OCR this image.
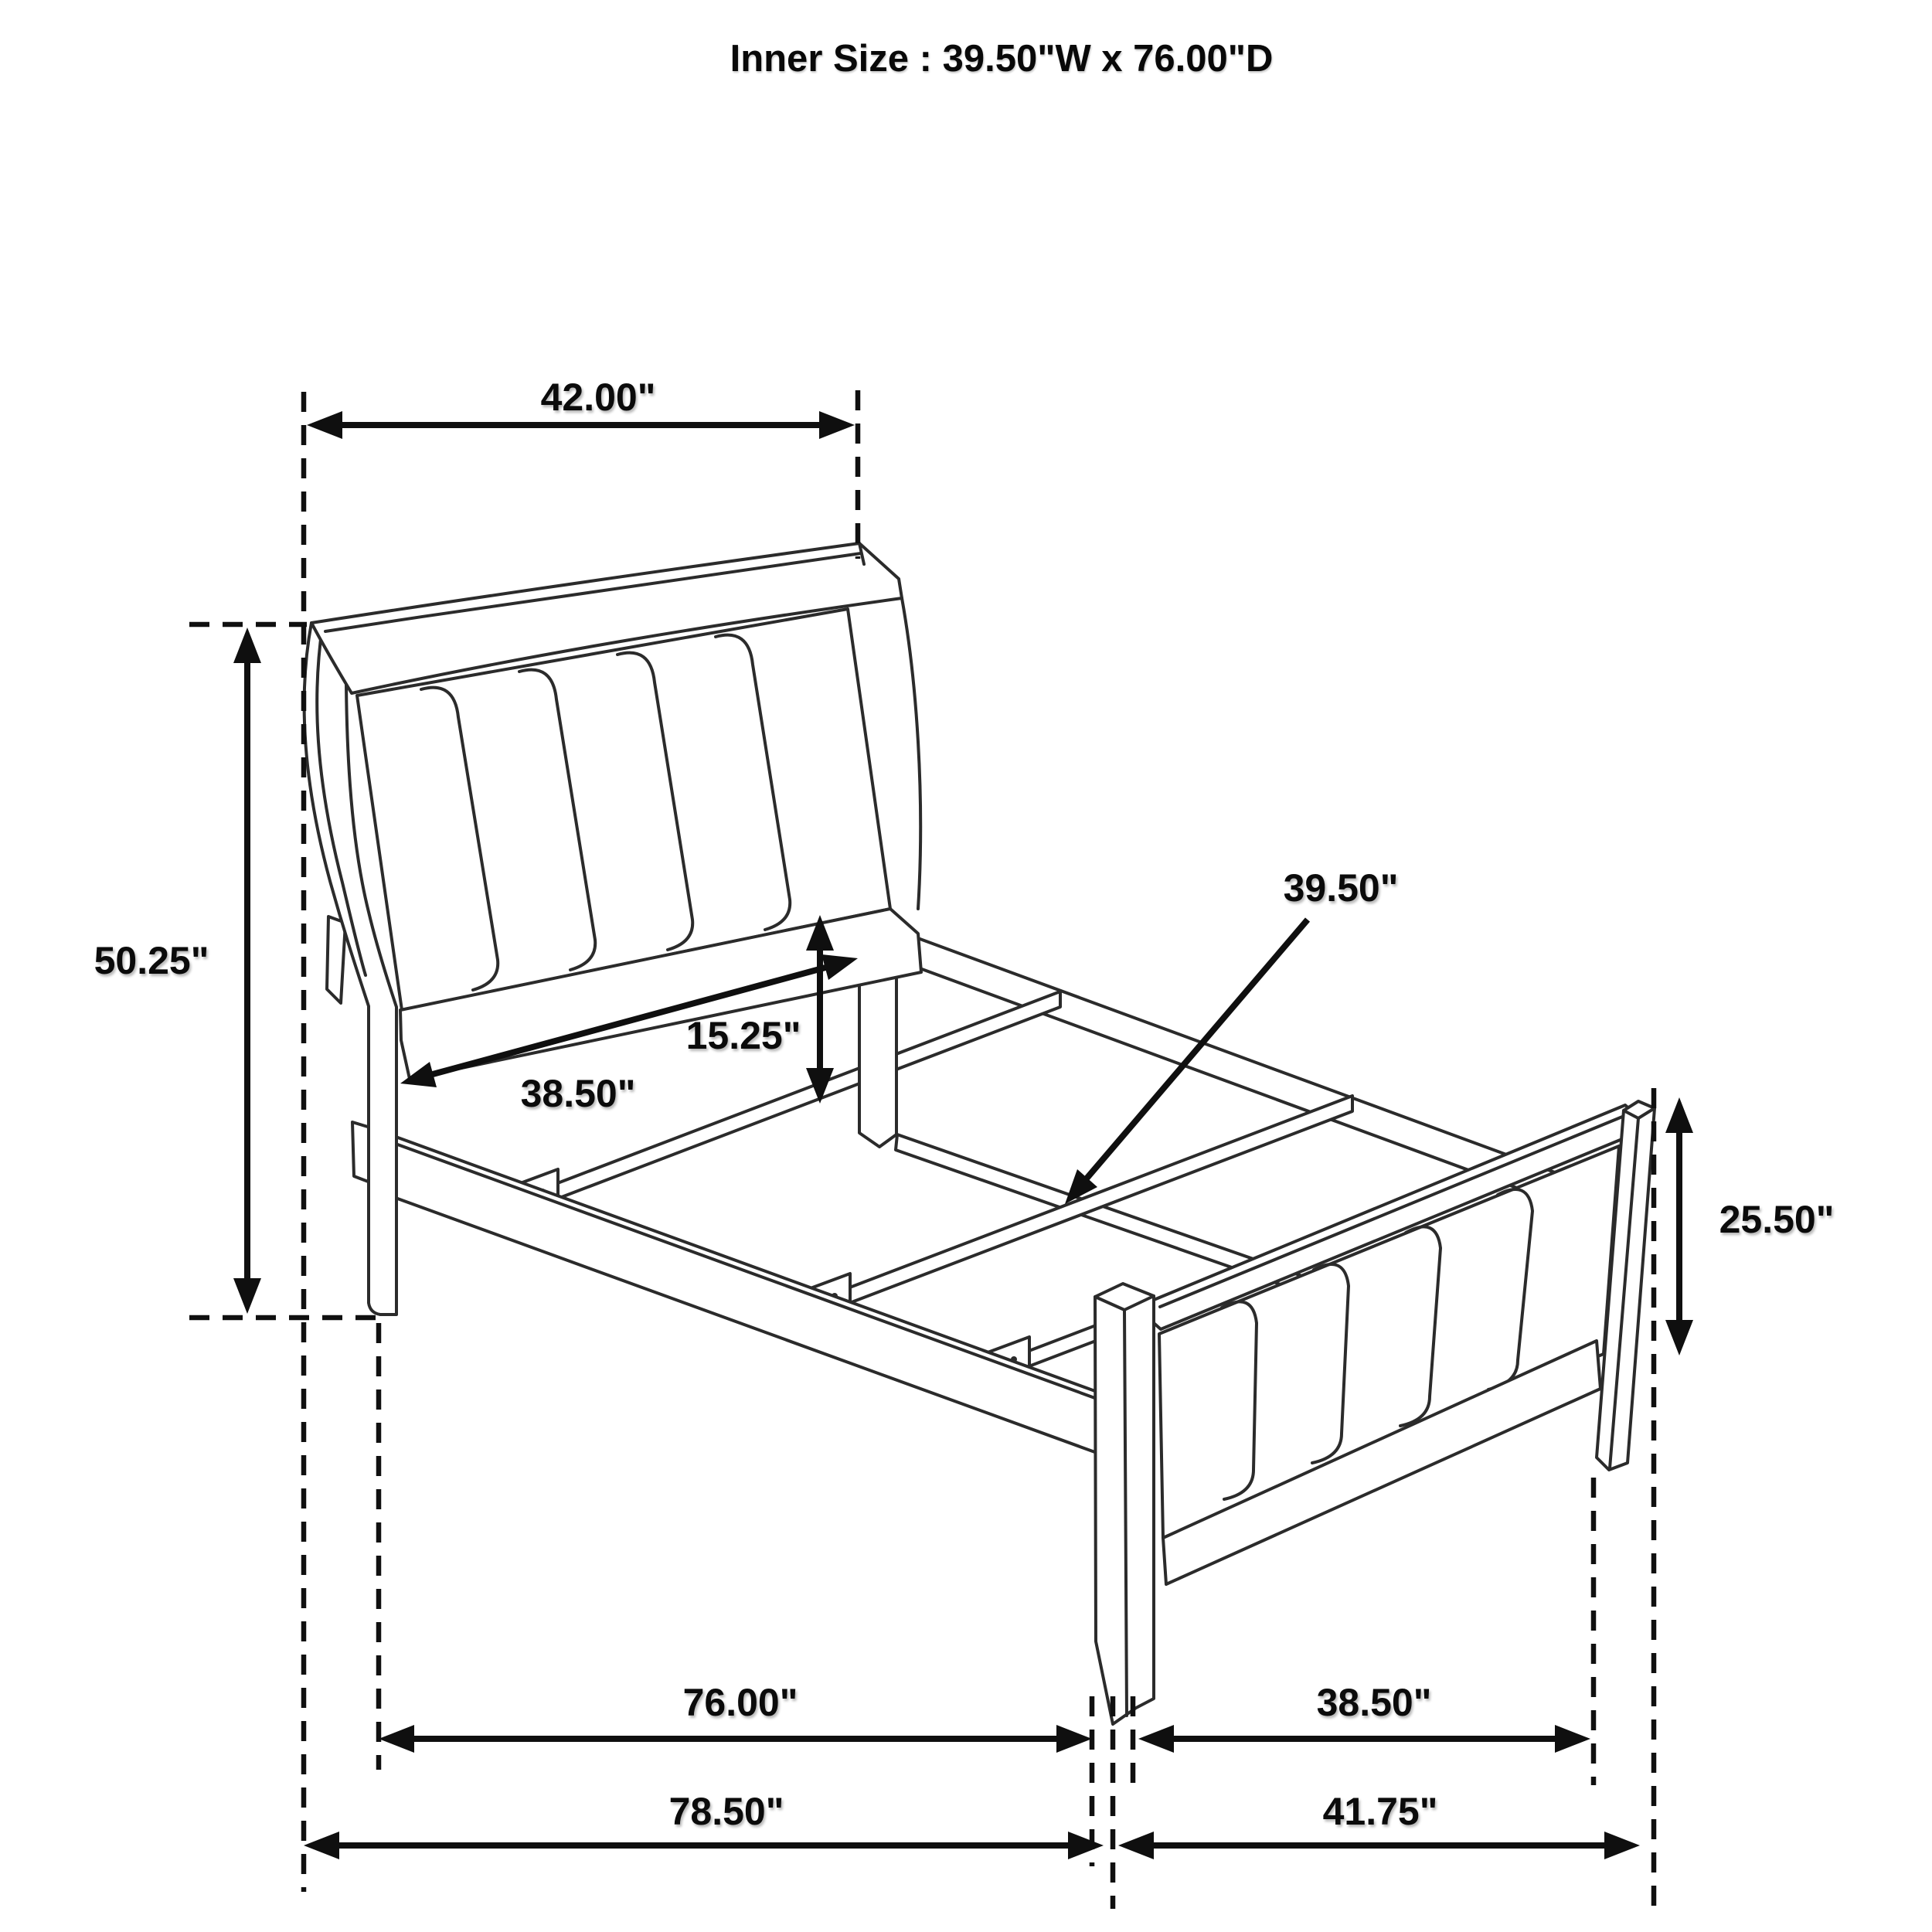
Inner Size : 39.50"W x 76.00"D
42.00"
50.25"
15.25"
38.50"
39.50"
25.50"
76.00"	38.50"
78.50"	41.75"
